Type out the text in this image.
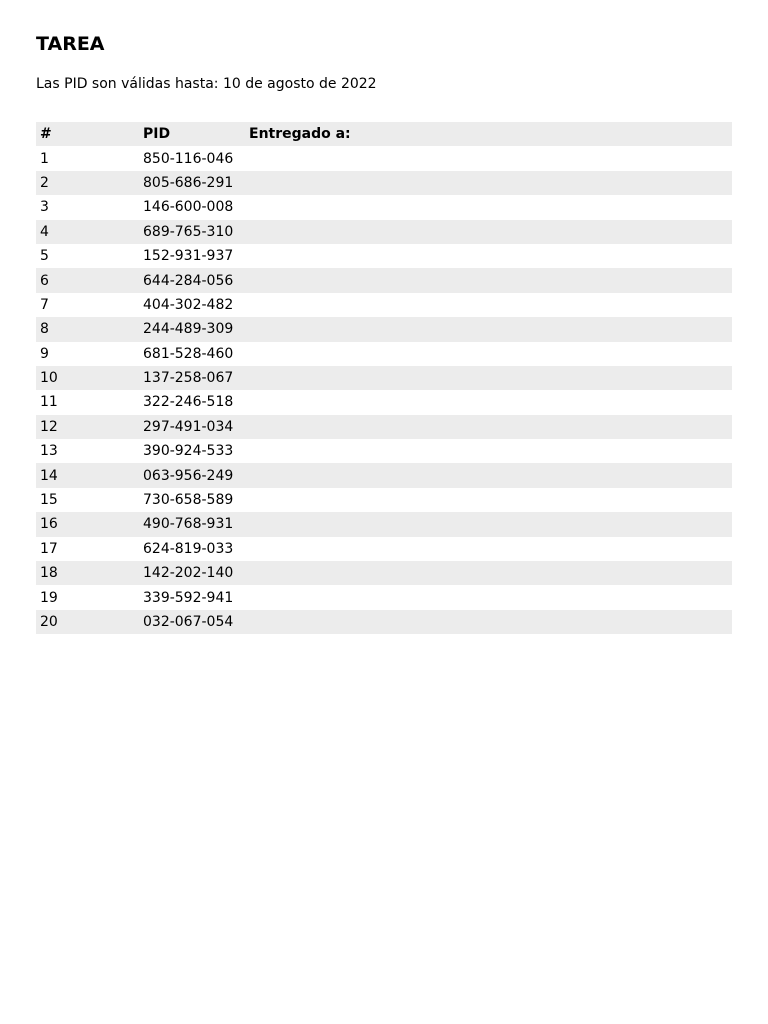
TAREA

Las PID son válidas hasta: 10 de agosto de 2022

#	PID	Entregado a:
1	850-116-046	
2	805-686-291	
3	146-600-008	
4	689-765-310	
5	152-931-937	
6	644-284-056	
7	404-302-482	
8	244-489-309	
9	681-528-460	
10	137-258-067	
11	322-246-518	
12	297-491-034	
13	390-924-533	
14	063-956-249	
15	730-658-589	
16	490-768-931	
17	624-819-033	
18	142-202-140	
19	339-592-941	
20	032-067-054	
